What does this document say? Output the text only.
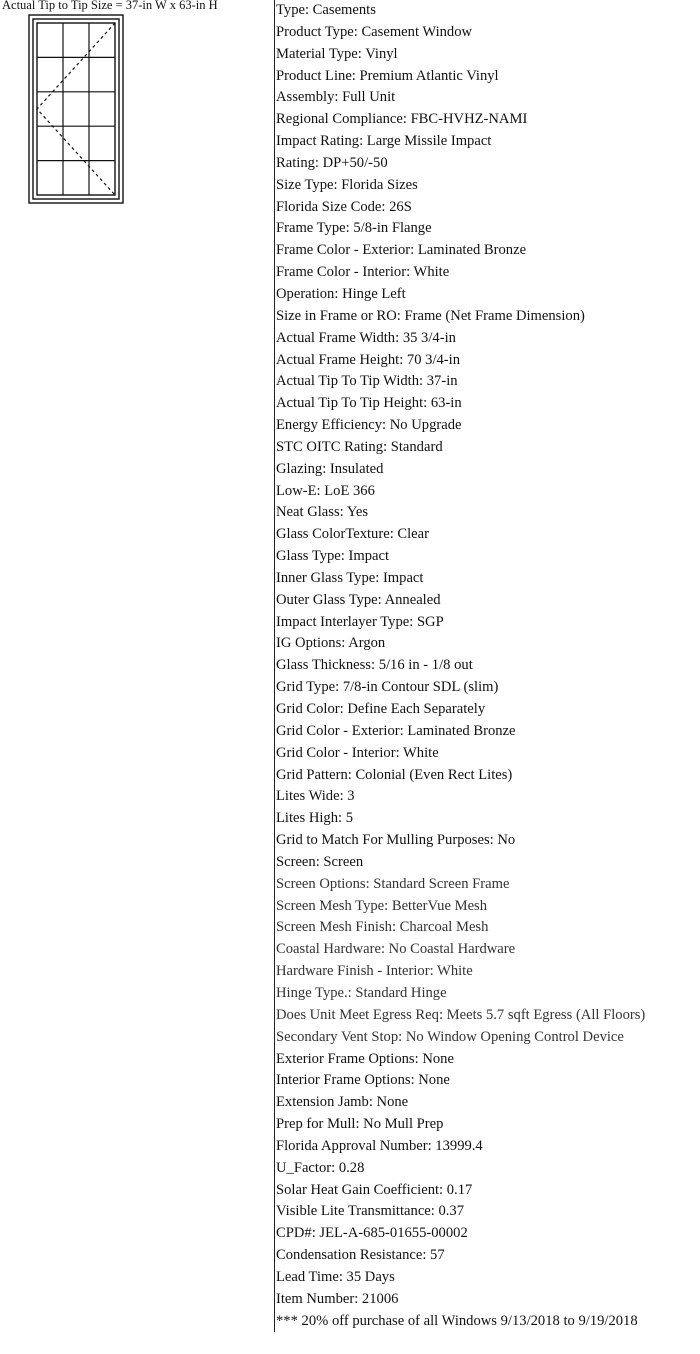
Actual Tip to Tip Size = 37-in W x 63-in H	Type: Casements
Product Type: Casement Window
Material Type: Vinyl
Product Line: Premium Atlantic Vinyl
Assembly: Full Unit
Regional Compliance: FBC-HVHZ-NAMI
Impact Rating: Large Missile Impact
Rating: DP+50/-50
Size Type: Florida Sizes
Florida Size Code: 26S
Frame Type: 5/8-in Flange
Frame Color - Exterior: Laminated Bronze
Frame Color - Interior: White
Operation: Hinge Left
Size in Frame or RO: Frame (Net Frame Dimension)
Actual Frame Width: 35 3/4-in
Actual Frame Height: 70 3/4-in
Actual Tip To Tip Width: 37-in
Actual Tip To Tip Height: 63-in
Energy Efficiency: No Upgrade
STC OITC Rating: Standard
Glazing: Insulated
Low-E: LoE 366
Neat Glass: Yes
Glass ColorTexture: Clear
Glass Type: Impact
Inner Glass Type: Impact
Outer Glass Type: Annealed
Impact Interlayer Type: SGP
IG Options: Argon
Glass Thickness: 5/16 in - 1/8 out
Grid Type: 7/8-in Contour SDL (slim)
Grid Color: Define Each Separately
Grid Color - Exterior: Laminated Bronze
Grid Color - Interior: White
Grid Pattern: Colonial (Even Rect Lites)
Lites Wide: 3
Lites High: 5
Grid to Match For Mulling Purposes: No
Screen: Screen
Screen Options: Standard Screen Frame
Screen Mesh Type: BetterVue Mesh
Screen Mesh Finish: Charcoal Mesh
Coastal Hardware: No Coastal Hardware
Hardware Finish - Interior: White
Hinge Type.: Standard Hinge
Does Unit Meet Egress Req: Meets 5.7 sqft Egress (All Floors)
Secondary Vent Stop: No Window Opening Control Device
Exterior Frame Options: None
Interior Frame Options: None
Extension Jamb: None
Prep for Mull: No Mull Prep
Florida Approval Number: 13999.4
U_Factor: 0.28
Solar Heat Gain Coefficient: 0.17
Visible Lite Transmittance: 0.37
CPD#: JEL-A-685-01655-00002
Condensation Resistance: 57
Lead Time: 35 Days
Item Number: 21006
*** 20% off purchase of all Windows 9/13/2018 to 9/19/2018
